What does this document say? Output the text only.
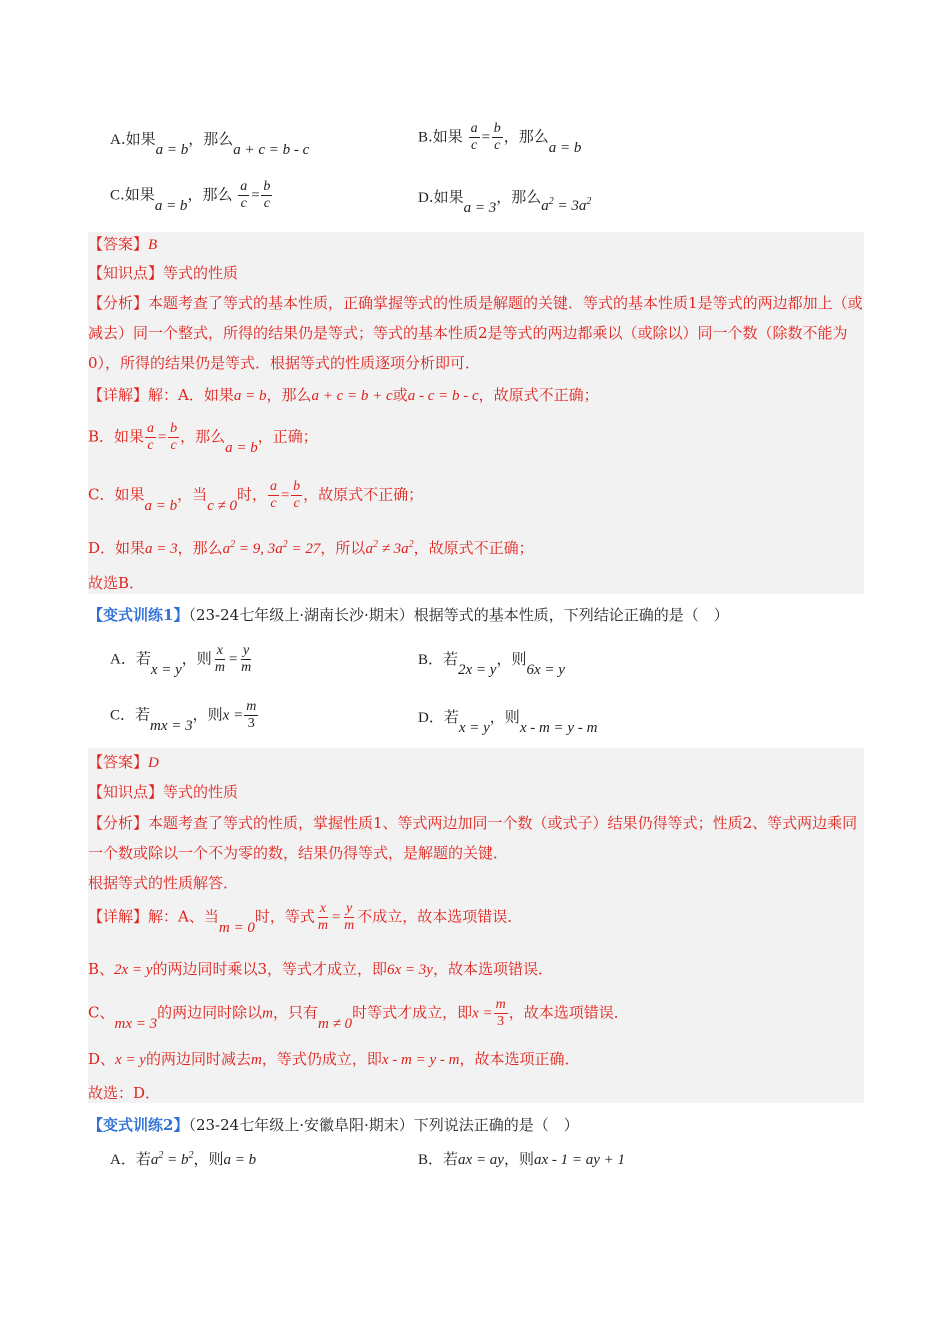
A.如果a = b，那么a + c = b - c
B.如果 $\frac{a}{c} = \frac{b}{c}$ ，那么a = b
C.如果a = b，那么 $\frac{a}{c} = \frac{b}{c}$	D.如果a = 3，那么$a^2 = 3a^2$
【答案】B
【知识点】等式的性质
【分析】本题考查了等式的基本性质，正确掌握等式的性质是解题的关键．等式的基本性质1是等式的两边都加上（或减去）同一个整式，所得的结果仍是等式；等式的基本性质2是等式的两边都乘以（或除以）同一个数（除数不能为0），所得的结果仍是等式．根据等式的性质逐项分析即可．
【详解】解：A．如果a = b，那么a + c = b + c或a - c = b - c，故原式不正确；
B．如果 $\frac{a}{c} = \frac{b}{c}$ ，那么a = b，正确；
C．如果a = b，当c ≠ 0时， $\frac{a}{c} = \frac{b}{c}$ ，故原式不正确；
D．如果a = 3，那么$a^2 = 9$, $3a^2 = 27$，所以$a^2 \ne 3a^2$，故原式不正确；
故选B．
【变式训练1】（23-24七年级上·湖南长沙·期末）根据等式的基本性质，下列结论正确的是（　）
A．若x = y，则 $\frac{x}{m} = \frac{y}{m}$	B．若2x = y，则6x = y
C．若mx = 3，则$x = \frac{m}{3}$	D．若x = y，则x - m = y - m
【答案】D
【知识点】等式的性质
【分析】本题考查了等式的性质，掌握性质1、等式两边加同一个数（或式子）结果仍得等式；性质2、等式两边乘同一个数或除以一个不为零的数，结果仍得等式，是解题的关键．
根据等式的性质解答．
【详解】解：A、当m = 0时，等式 $\frac{x}{m} = \frac{y}{m}$ 不成立，故本选项错误．
B、2x = y的两边同时乘以3，等式才成立，即6x = 3y，故本选项错误．
C、mx = 3的两边同时除以m，只有m ≠ 0时等式才成立，即$x = \frac{m}{3}$ ，故本选项错误．
D、x = y的两边同时减去m，等式仍成立，即x - m = y - m，故本选项正确．
故选：D．
【变式训练2】（23-24七年级上·安徽阜阳·期末）下列说法正确的是（　）
A．若$a^2 = b^2$，则a = b	B．若ax = ay，则ax - 1 = ay + 1
